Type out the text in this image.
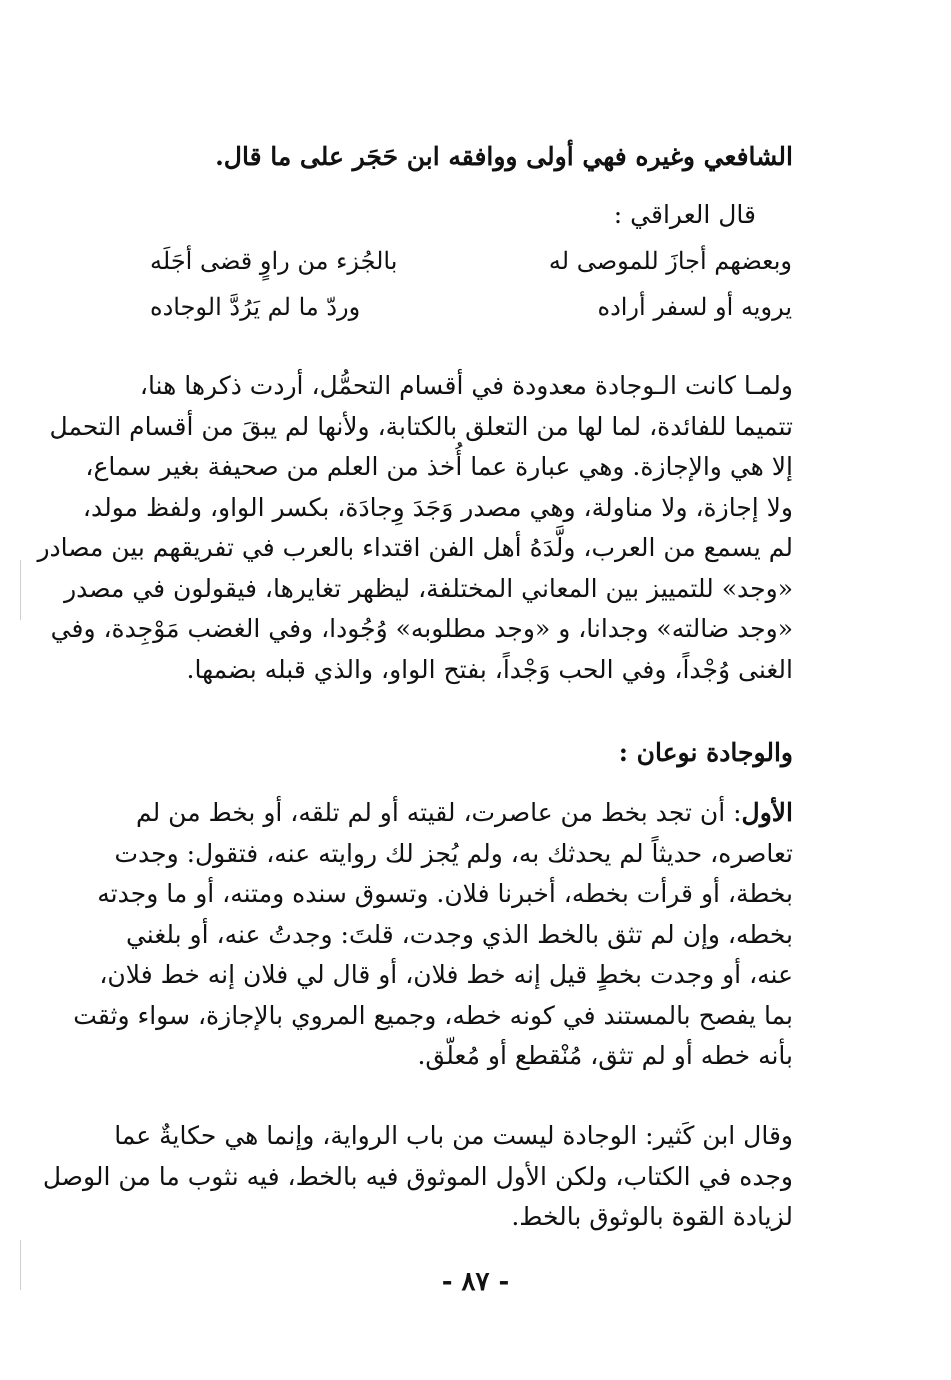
الشافعي وغيره فهي أولى ووافقه ابن حَجَر على ما قال.
قال العراقي :
وبعضهم أجازَ للموصى له
بالجُزء من راوٍ قضى أجَلَه
يرويه أو لسفر أراده
وردّ ما لم يَرُدَّ الوجاده
ولمـا كانت الـوجادة معدودة في أقسام التحمُّل، أردت ذكرها هنا،
تتميما للفائدة، لما لها من التعلق بالكتابة، ولأنها لم يبقَ من أقسام التحمل
إلا هي والإجازة. وهي عبارة عما أُخذ من العلم من صحيفة بغير سماع،
ولا إجازة، ولا مناولة، وهي مصدر وَجَدَ وِجادَة، بكسر الواو، ولفظ مولد،
لم يسمع من العرب، ولَّدَهُ أهل الفن اقتداء بالعرب في تفريقهم بين مصادر
«وجد» للتمييز بين المعاني المختلفة، ليظهر تغايرها، فيقولون في مصدر
«وجد ضالته» وجدانا، و «وجد مطلوبه» وُجُودا، وفي الغضب مَوْجِدة، وفي
الغنى وُجْداً، وفي الحب وَجْداً، بفتح الواو، والذي قبله بضمها.
والوجادة نوعان :
الأول: أن تجد بخط من عاصرت، لقيته أو لم تلقه، أو بخط من لم
تعاصره، حديثاً لم يحدثك به، ولم يُجز لك روايته عنه، فتقول: وجدت
بخطة، أو قرأت بخطه، أخبرنا فلان. وتسوق سنده ومتنه، أو ما وجدته
بخطه، وإن لم تثق بالخط الذي وجدت، قلتَ: وجدتُ عنه، أو بلغني
عنه، أو وجدت بخطٍ قيل إنه خط فلان، أو قال لي فلان إنه خط فلان،
بما يفصح بالمستند في كونه خطه، وجميع المروي بالإجازة، سواء وثقت
بأنه خطه أو لم تثق، مُنْقطع أو مُعلّق.
وقال ابن كَثير: الوجادة ليست من باب الرواية، وإنما هي حكايةٌ عما
وجده في الكتاب، ولكن الأول الموثوق فيه بالخط، فيه نثوب ما من الوصل
لزيادة القوة بالوثوق بالخط.
- ٨٧ -
